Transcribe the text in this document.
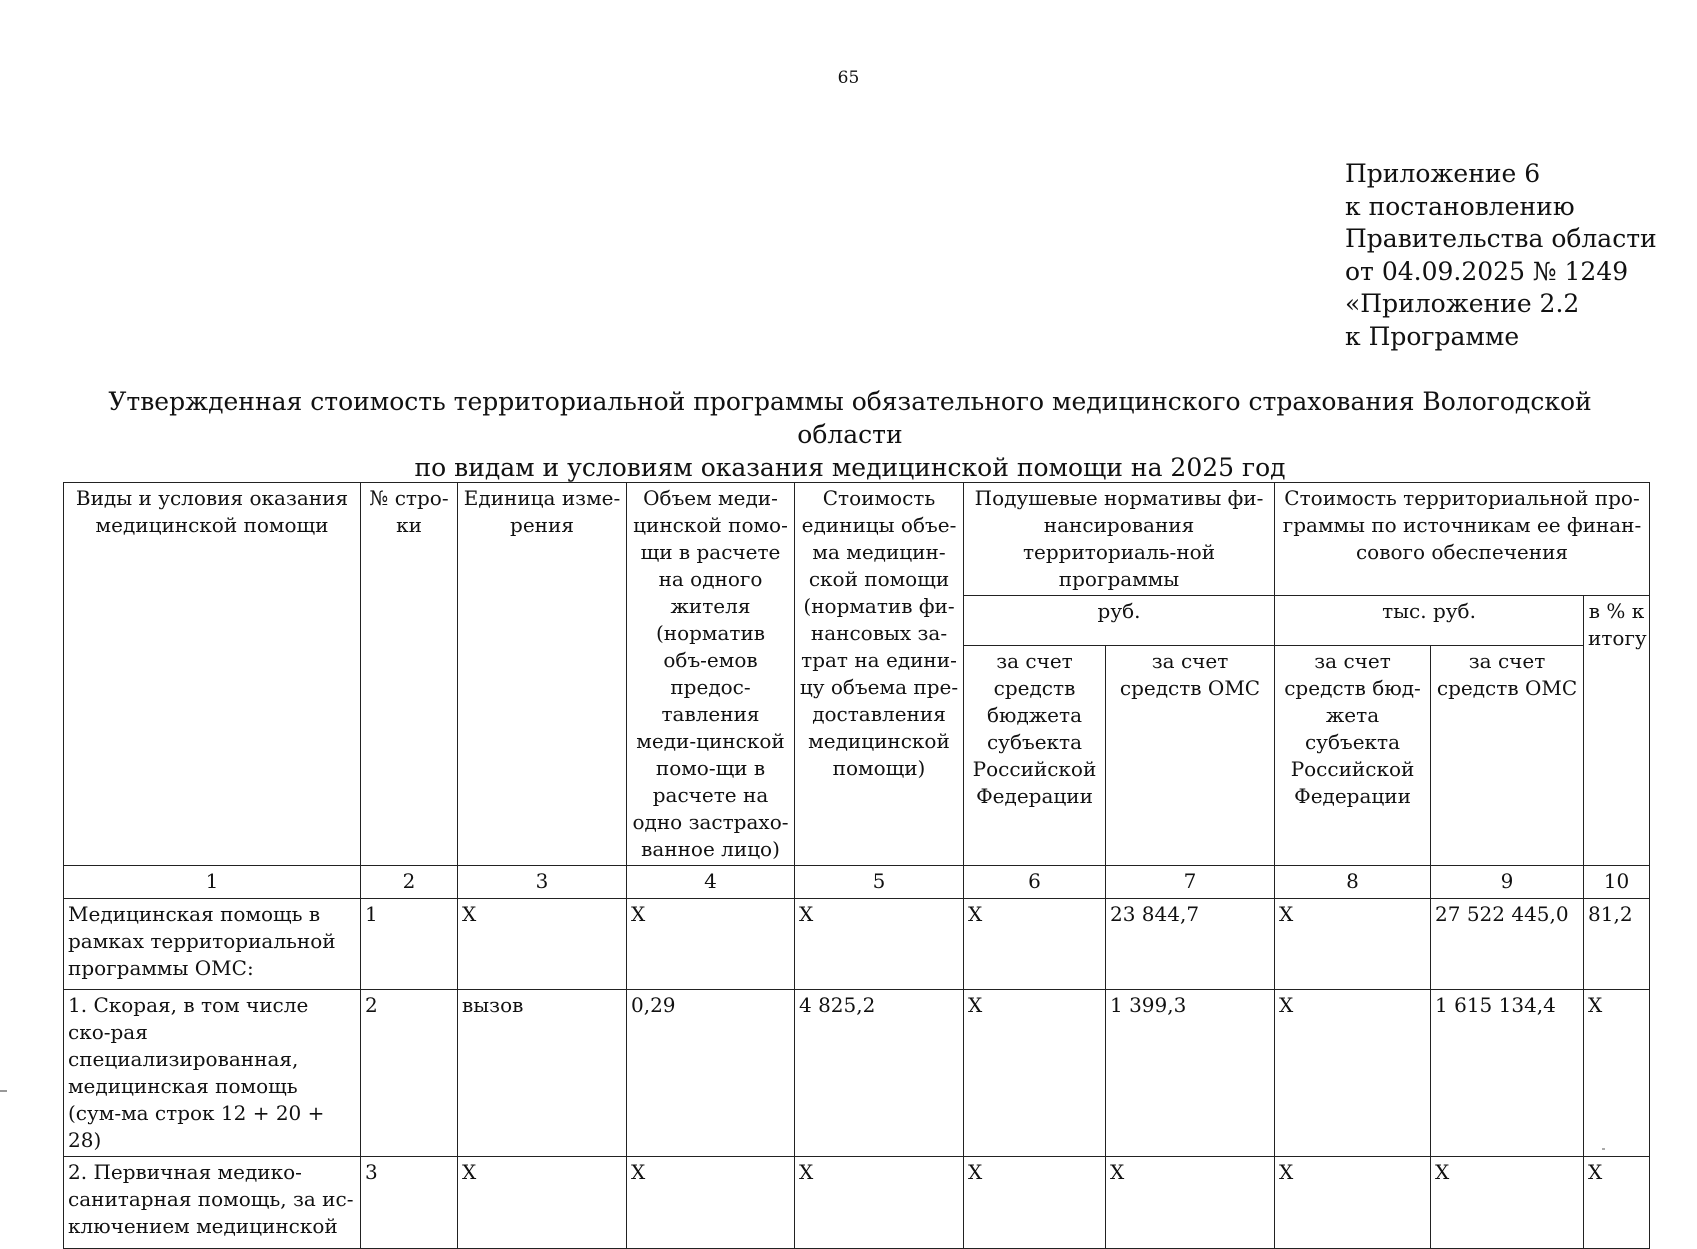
65
Приложение 6
к постановлению
Правительства области
от 04.09.2025 № 1249
«Приложение 2.2
к Программе
Утвержденная стоимость территориальной программы обязательного медицинского страхования Вологодской области
по видам и условиям оказания медицинской помощи на 2025 год
Виды и условия оказания медицинской помощи	№ стро-ки	Единица изме-рения	Объем меди-цинской помо-щи в расчете на одного жителя (норматив объ-емов предос-тавления меди-цинской помо-щи в расчете на одно застрахо-ванное лицо)	Стоимость единицы объе-ма медицин-ской помощи (норматив фи-нансовых за-трат на едини-цу объема пре-доставления медицинской помощи)	Подушевые нормативы фи-нансирования территориаль-ной программы		Стоимость территориальной про-граммы по источникам ее финан-сового обеспечения		
					руб.		тыс. руб.		в % к итогу
					за счет средств бюджета субъекта Российской Федерации	за счет средств ОМС	за счет средств бюд-жета субъекта Российской Федерации	за счет средств ОМС	
1	2	3	4	5	6	7	8	9	10
Медицинская помощь в рамках территориальной программы ОМС:	1	Х	Х	Х	Х	23 844,7	Х	27 522 445,0	81,2
1. Скорая, в том числе ско-рая специализированная, медицинская помощь (сум-ма строк 12 + 20 + 28)	2	вызов	0,29	4 825,2	Х	1 399,3	Х	1 615 134,4	Х
2. Первичная медико-санитарная помощь, за ис-ключением медицинской	3	Х	Х	Х	Х	Х	Х	Х	Х
